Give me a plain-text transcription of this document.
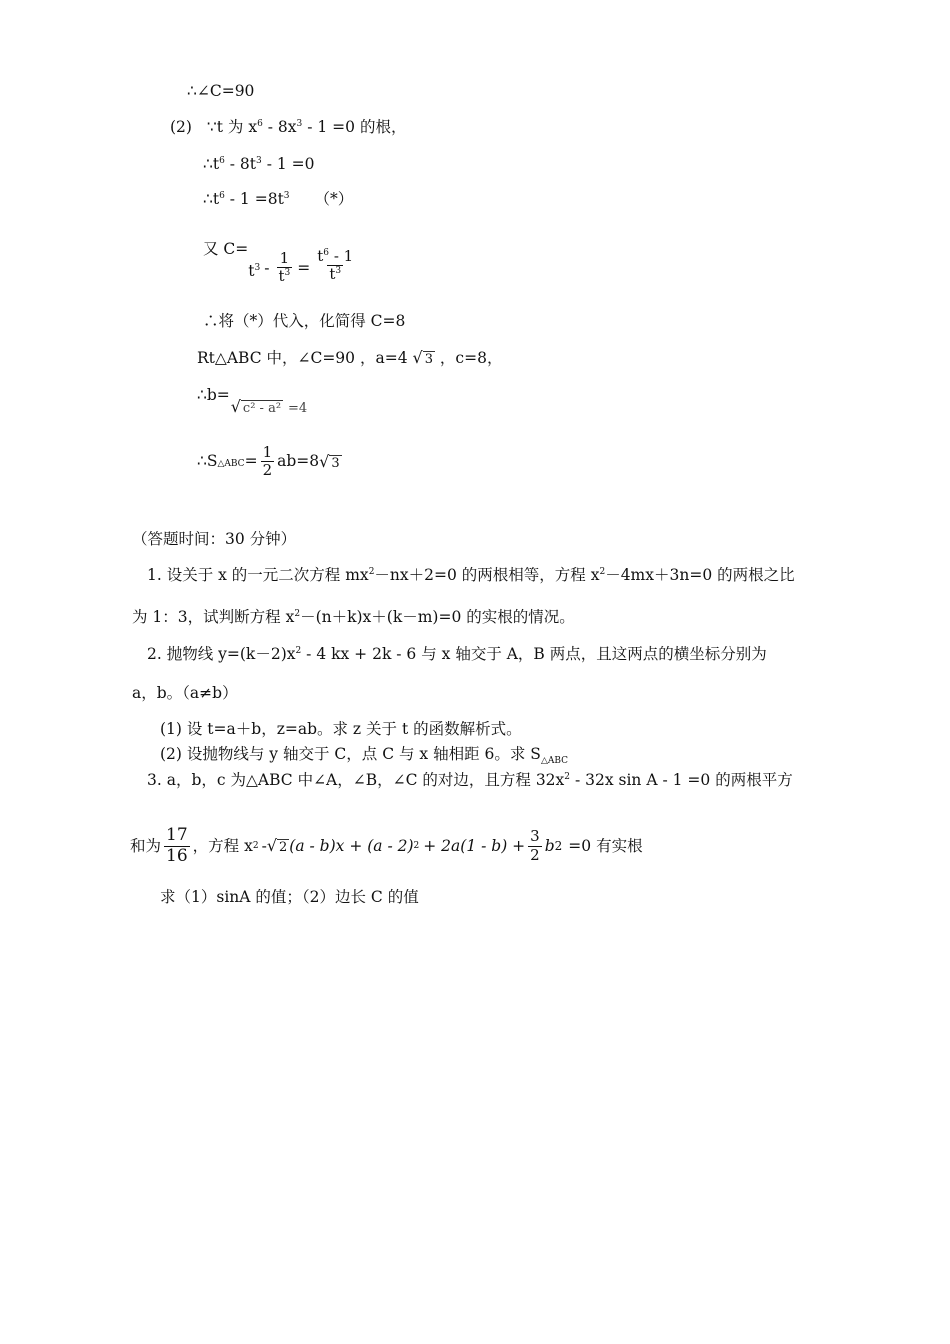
∴∠C=90
(2) ∵t 为 $x^6 - 8x^3 - 1 =0$ 的根，
$\therefore t^6 - 8t^3 - 1 =0$
$\therefore t^6 - 1 =8t^3$ （*）
又 C=
$t^3 - \frac{1}{t^3} = \frac{t^6 - 1}{t^3}$
∴将（*）代入，化简得 C=8
Rt△ABC 中，∠C=90 ，a=4 √ 3 ，c=8，
∴b= √ c² - a² $_{=4}$
∴S △ABC = $\frac{1}{2} ab=8$ √ 3
（答题时间：30 分钟）
1. 设关于 x 的一元二次方程 $mx^2-nx+2=0$ 的两根相等，方程 $x^2-4mx+3n=0$ 的两根之比
为 1：3，试判断方程 $x^2-(n+k)x+(k-m)=0$ 的实根的情况。
2. 抛物线 $y=(k-2)x^2 - 4$ kx + 2k - 6 与 x 轴交于 A，B 两点，且这两点的横坐标分别为
a，b。（a≠b）
(1) 设 t=a＋b，z=ab。求 z 关于 t 的函数解析式。
(2) 设抛物线与 y 轴交于 C，点 C 与 x 轴相距 6。求 $S_{\triangle ABC}$
3. a，b，c 为△ABC 中∠A，∠B，∠C 的对边，且方程 $32x^2 - 32x$ sin A - 1 =0 的两根平方
和为 $\frac{17}{16}$ ，方程 x 2 - √ 2 (a - b)x + (a - 2) $2 + 2a(1 - b) + \frac{3}{2}$ b 2 =0 有实根
求（1）sinA 的值；（2）边长 C 的值
